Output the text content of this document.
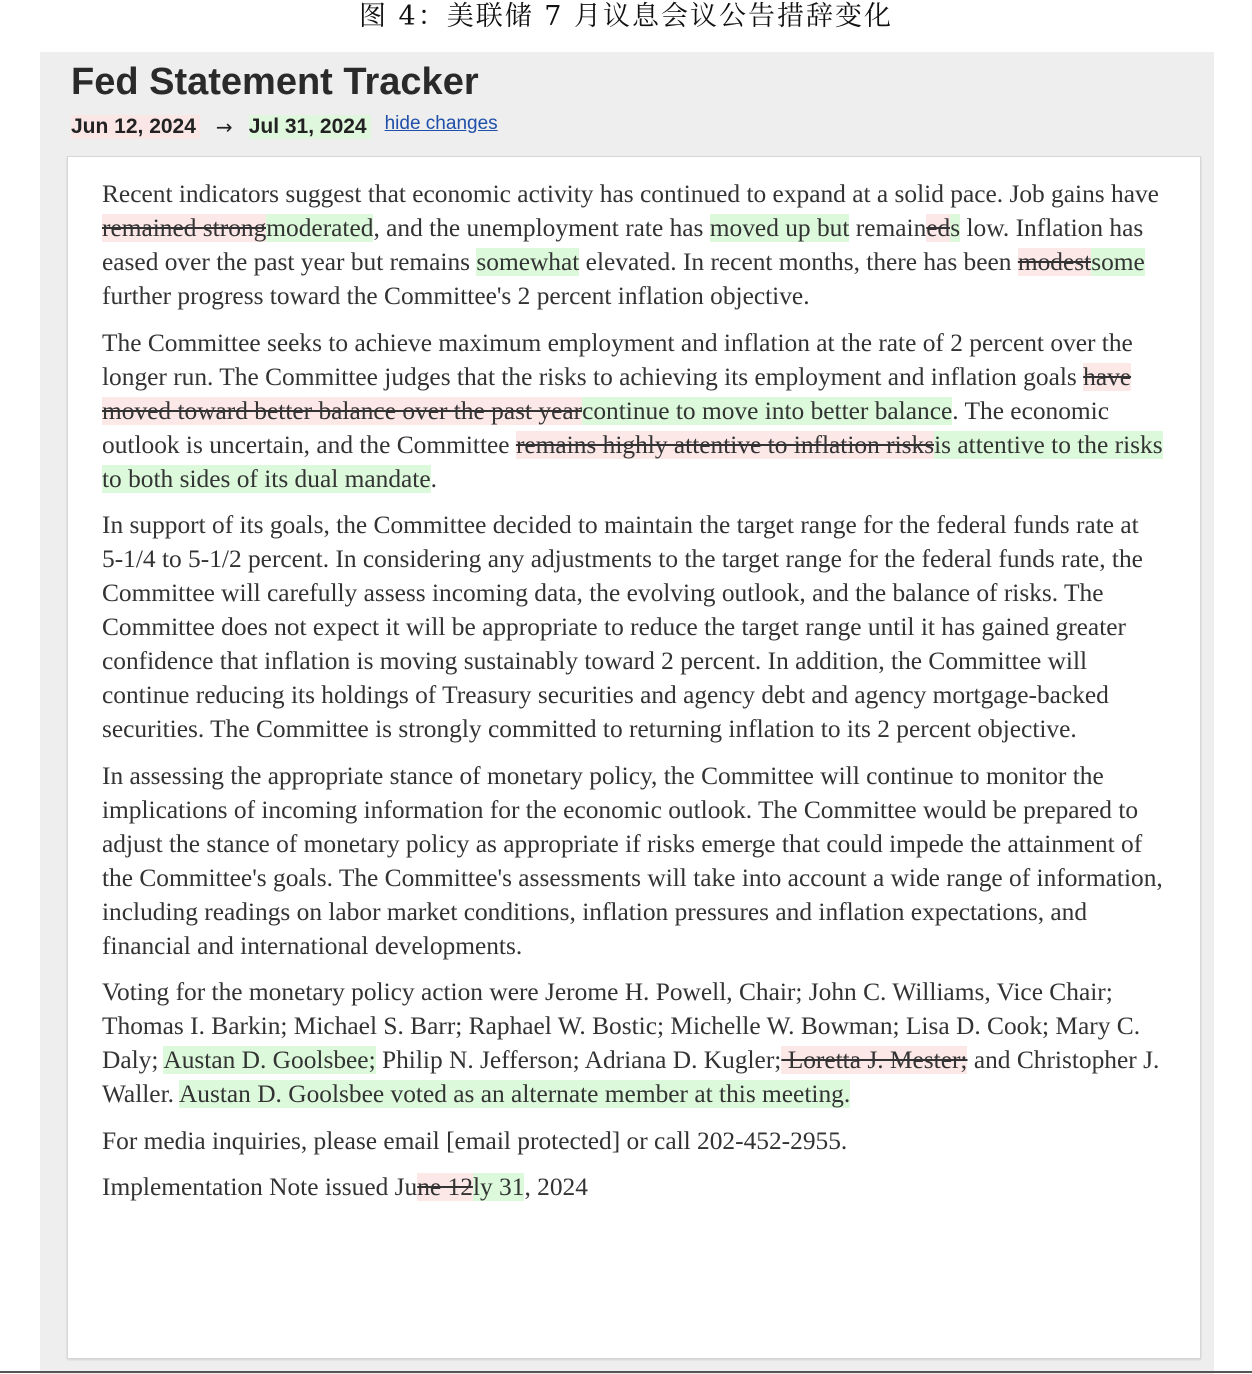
图 4：美联储 7 月议息会议公告措辞变化
Fed Statement Tracker
Jun 12, 2024 → Jul 31, 2024 hide changes

Recent indicators suggest that economic activity has continued to expand at a solid pace. Job gains have remained strongmoderated, and the unemployment rate has moved up but remaineds low. Inflation has eased over the past year but remains somewhat elevated. In recent months, there has been modestsome further progress toward the Committee's 2 percent inflation objective.

The Committee seeks to achieve maximum employment and inflation at the rate of 2 percent over the longer run. The Committee judges that the risks to achieving its employment and inflation goals have moved toward better balance over the past yearcontinue to move into better balance. The economic outlook is uncertain, and the Committee remains highly attentive to inflation risksis attentive to the risks to both sides of its dual mandate.

In support of its goals, the Committee decided to maintain the target range for the federal funds rate at 5-1/4 to 5-1/2 percent. In considering any adjustments to the target range for the federal funds rate, the Committee will carefully assess incoming data, the evolving outlook, and the balance of risks. The Committee does not expect it will be appropriate to reduce the target range until it has gained greater confidence that inflation is moving sustainably toward 2 percent. In addition, the Committee will continue reducing its holdings of Treasury securities and agency debt and agency mortgage-backed securities. The Committee is strongly committed to returning inflation to its 2 percent objective.

In assessing the appropriate stance of monetary policy, the Committee will continue to monitor the implications of incoming information for the economic outlook. The Committee would be prepared to adjust the stance of monetary policy as appropriate if risks emerge that could impede the attainment of the Committee's goals. The Committee's assessments will take into account a wide range of information, including readings on labor market conditions, inflation pressures and inflation expectations, and financial and international developments.

Voting for the monetary policy action were Jerome H. Powell, Chair; John C. Williams, Vice Chair; Thomas I. Barkin; Michael S. Barr; Raphael W. Bostic; Michelle W. Bowman; Lisa D. Cook; Mary C. Daly; Austan D. Goolsbee; Philip N. Jefferson; Adriana D. Kugler; Loretta J. Mester; and Christopher J. Waller. Austan D. Goolsbee voted as an alternate member at this meeting.

For media inquiries, please email [email protected] or call 202-452-2955.

Implementation Note issued June 12ly 31, 2024
